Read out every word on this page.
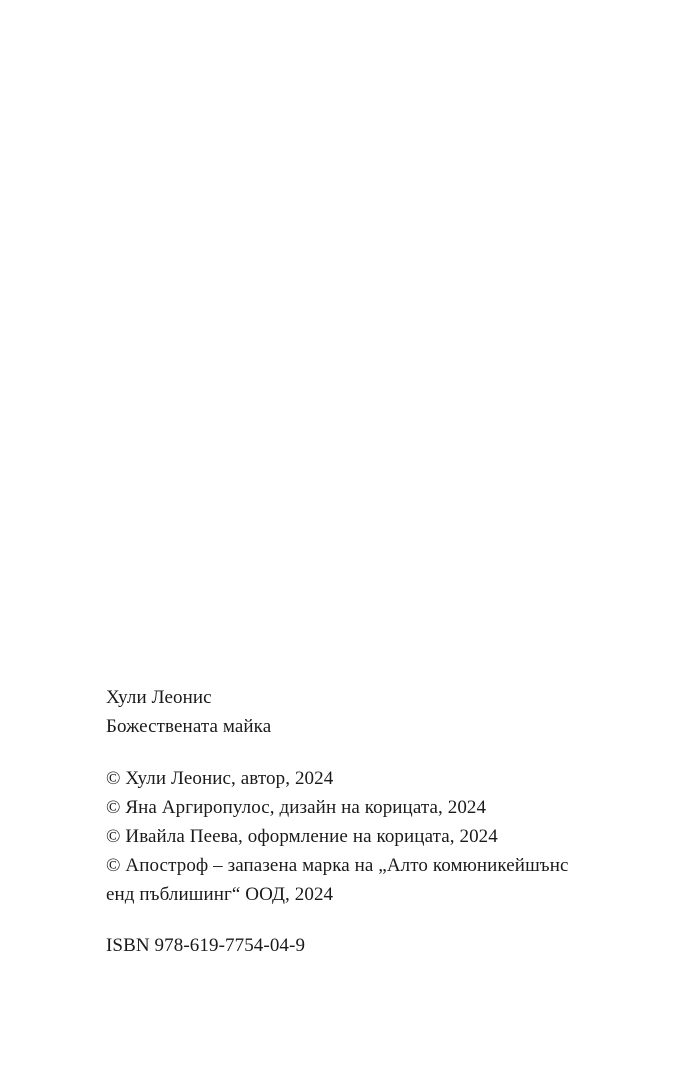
Хули Леонис
Божествената майка
© Хули Леонис, автор, 2024
© Яна Аргиропулос, дизайн на корицата, 2024
© Ивайла Пеева, оформление на корицата, 2024
© Апостроф – запазена марка на „Алто комюникейшънс
енд пъблишинг“ ООД, 2024
ISBN 978-619-7754-04-9
